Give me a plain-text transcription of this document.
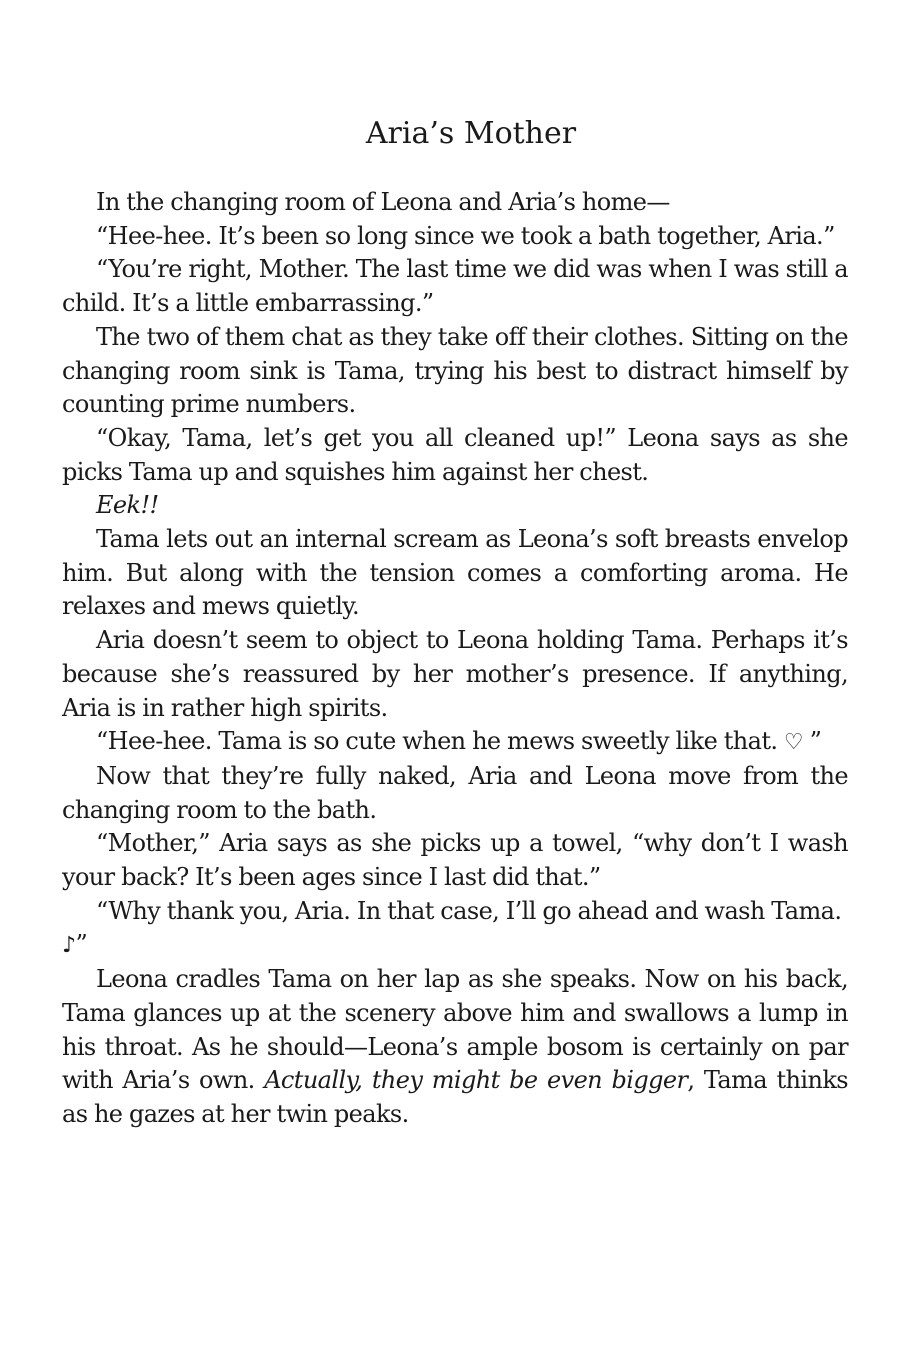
Aria’s Mother

In the changing room of Leona and Aria’s home—

“Hee-hee. It’s been so long since we took a bath together, Aria.”

“You’re right, Mother. The last time we did was when I was still a child. It’s a little embarrassing.”

The two of them chat as they take off their clothes. Sitting on the changing room sink is Tama, trying his best to distract himself by counting prime numbers.

“Okay, Tama, let’s get you all cleaned up!” Leona says as she picks Tama up and squishes him against her chest.

Eek!!

Tama lets out an internal scream as Leona’s soft breasts envelop him. But along with the tension comes a comforting aroma. He relaxes and mews quietly.

Aria doesn’t seem to object to Leona holding Tama. Perhaps it’s because she’s reassured by her mother’s presence. If anything, Aria is in rather high spirits.

“Hee-hee. Tama is so cute when he mews sweetly like that. ♡ ”

Now that they’re fully naked, Aria and Leona move from the changing room to the bath.

“Mother,” Aria says as she picks up a towel, “why don’t I wash your back? It’s been ages since I last did that.”

“Why thank you, Aria. In that case, I’ll go ahead and wash Tama. ♪”

Leona cradles Tama on her lap as she speaks. Now on his back, Tama glances up at the scenery above him and swallows a lump in his throat. As he should—Leona’s ample bosom is certainly on par with Aria’s own. Actually, they might be even bigger, Tama thinks as he gazes at her twin peaks.
